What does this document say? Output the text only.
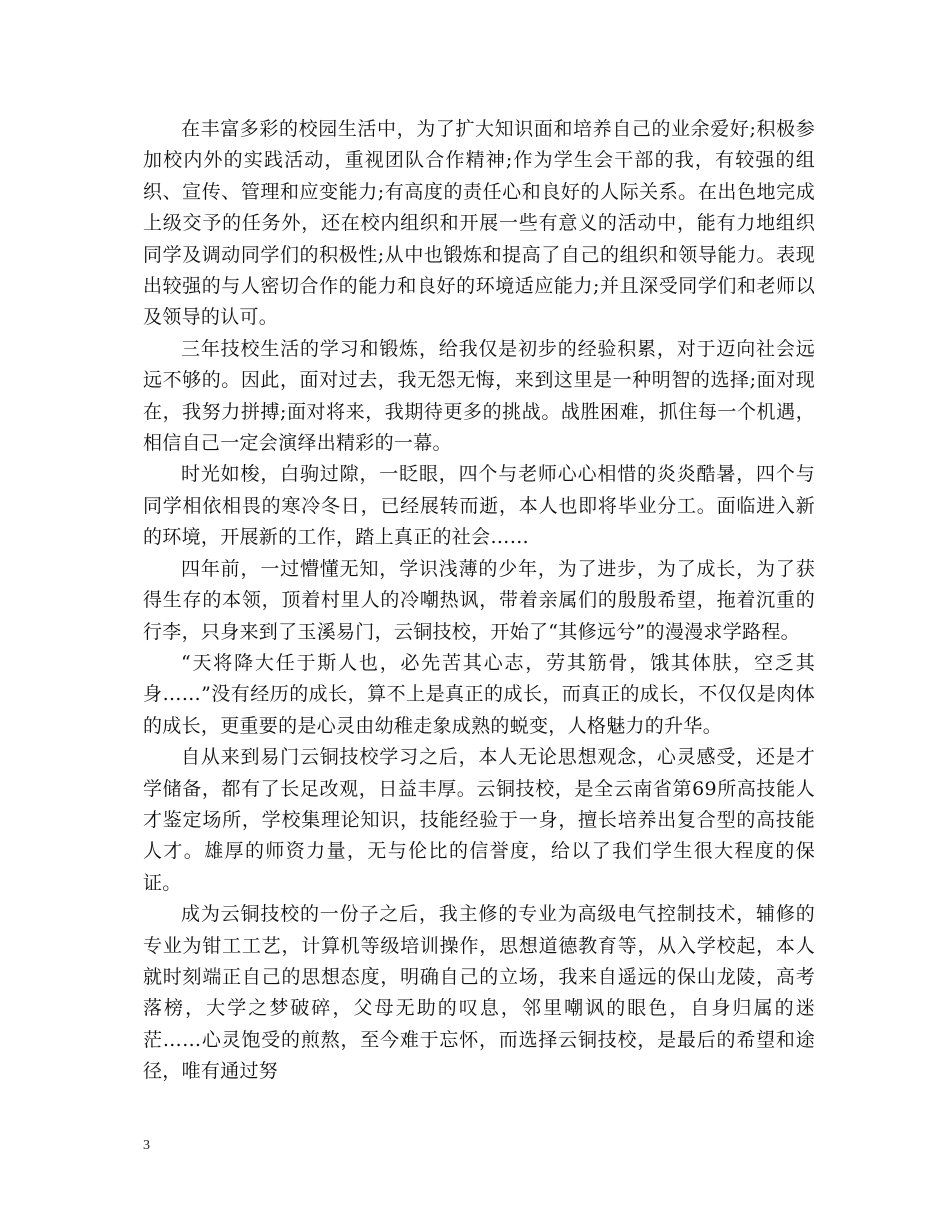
在丰富多彩的校园生活中，为了扩大知识面和培养自己的业余爱好;积极参加校内外的实践活动，重视团队合作精神;作为学生会干部的我，有较强的组织、宣传、管理和应变能力;有高度的责任心和良好的人际关系。在出色地完成上级交予的任务外，还在校内组织和开展一些有意义的活动中，能有力地组织同学及调动同学们的积极性;从中也锻炼和提高了自己的组织和领导能力。表现出较强的与人密切合作的能力和良好的环境适应能力;并且深受同学们和老师以及领导的认可。

三年技校生活的学习和锻炼，给我仅是初步的经验积累，对于迈向社会远远不够的。因此，面对过去，我无怨无悔，来到这里是一种明智的选择;面对现在，我努力拼搏;面对将来，我期待更多的挑战。战胜困难，抓住每一个机遇，相信自己一定会演绎出精彩的一幕。

时光如梭，白驹过隙，一眨眼，四个与老师心心相惜的炎炎酷暑，四个与同学相依相畏的寒冷冬日，已经展转而逝，本人也即将毕业分工。面临进入新的环境，开展新的工作，踏上真正的社会……

四年前，一过懵懂无知，学识浅薄的少年，为了进步，为了成长，为了获得生存的本领，顶着村里人的冷嘲热讽，带着亲属们的殷殷希望，拖着沉重的行李，只身来到了玉溪易门，云铜技校，开始了“其修远兮”的漫漫求学路程。

“天将降大任于斯人也，必先苦其心志，劳其筋骨，饿其体肤，空乏其身……”没有经历的成长，算不上是真正的成长，而真正的成长，不仅仅是肉体的成长，更重要的是心灵由幼稚走象成熟的蜕变，人格魅力的升华。

自从来到易门云铜技校学习之后，本人无论思想观念，心灵感受，还是才学储备，都有了长足改观，日益丰厚。云铜技校，是全云南省第69所高技能人才鉴定场所，学校集理论知识，技能经验于一身，擅长培养出复合型的高技能人才。雄厚的师资力量，无与伦比的信誉度，给以了我们学生很大程度的保证。

成为云铜技校的一份子之后，我主修的专业为高级电气控制技术，辅修的专业为钳工工艺，计算机等级培训操作，思想道德教育等，从入学校起，本人就时刻端正自己的思想态度，明确自己的立场，我来自遥远的保山龙陵，高考落榜，大学之梦破碎，父母无助的叹息，邻里嘲讽的眼色，自身归属的迷茫……心灵饱受的煎熬，至今难于忘怀，而选择云铜技校，是最后的希望和途径，唯有通过努

3
